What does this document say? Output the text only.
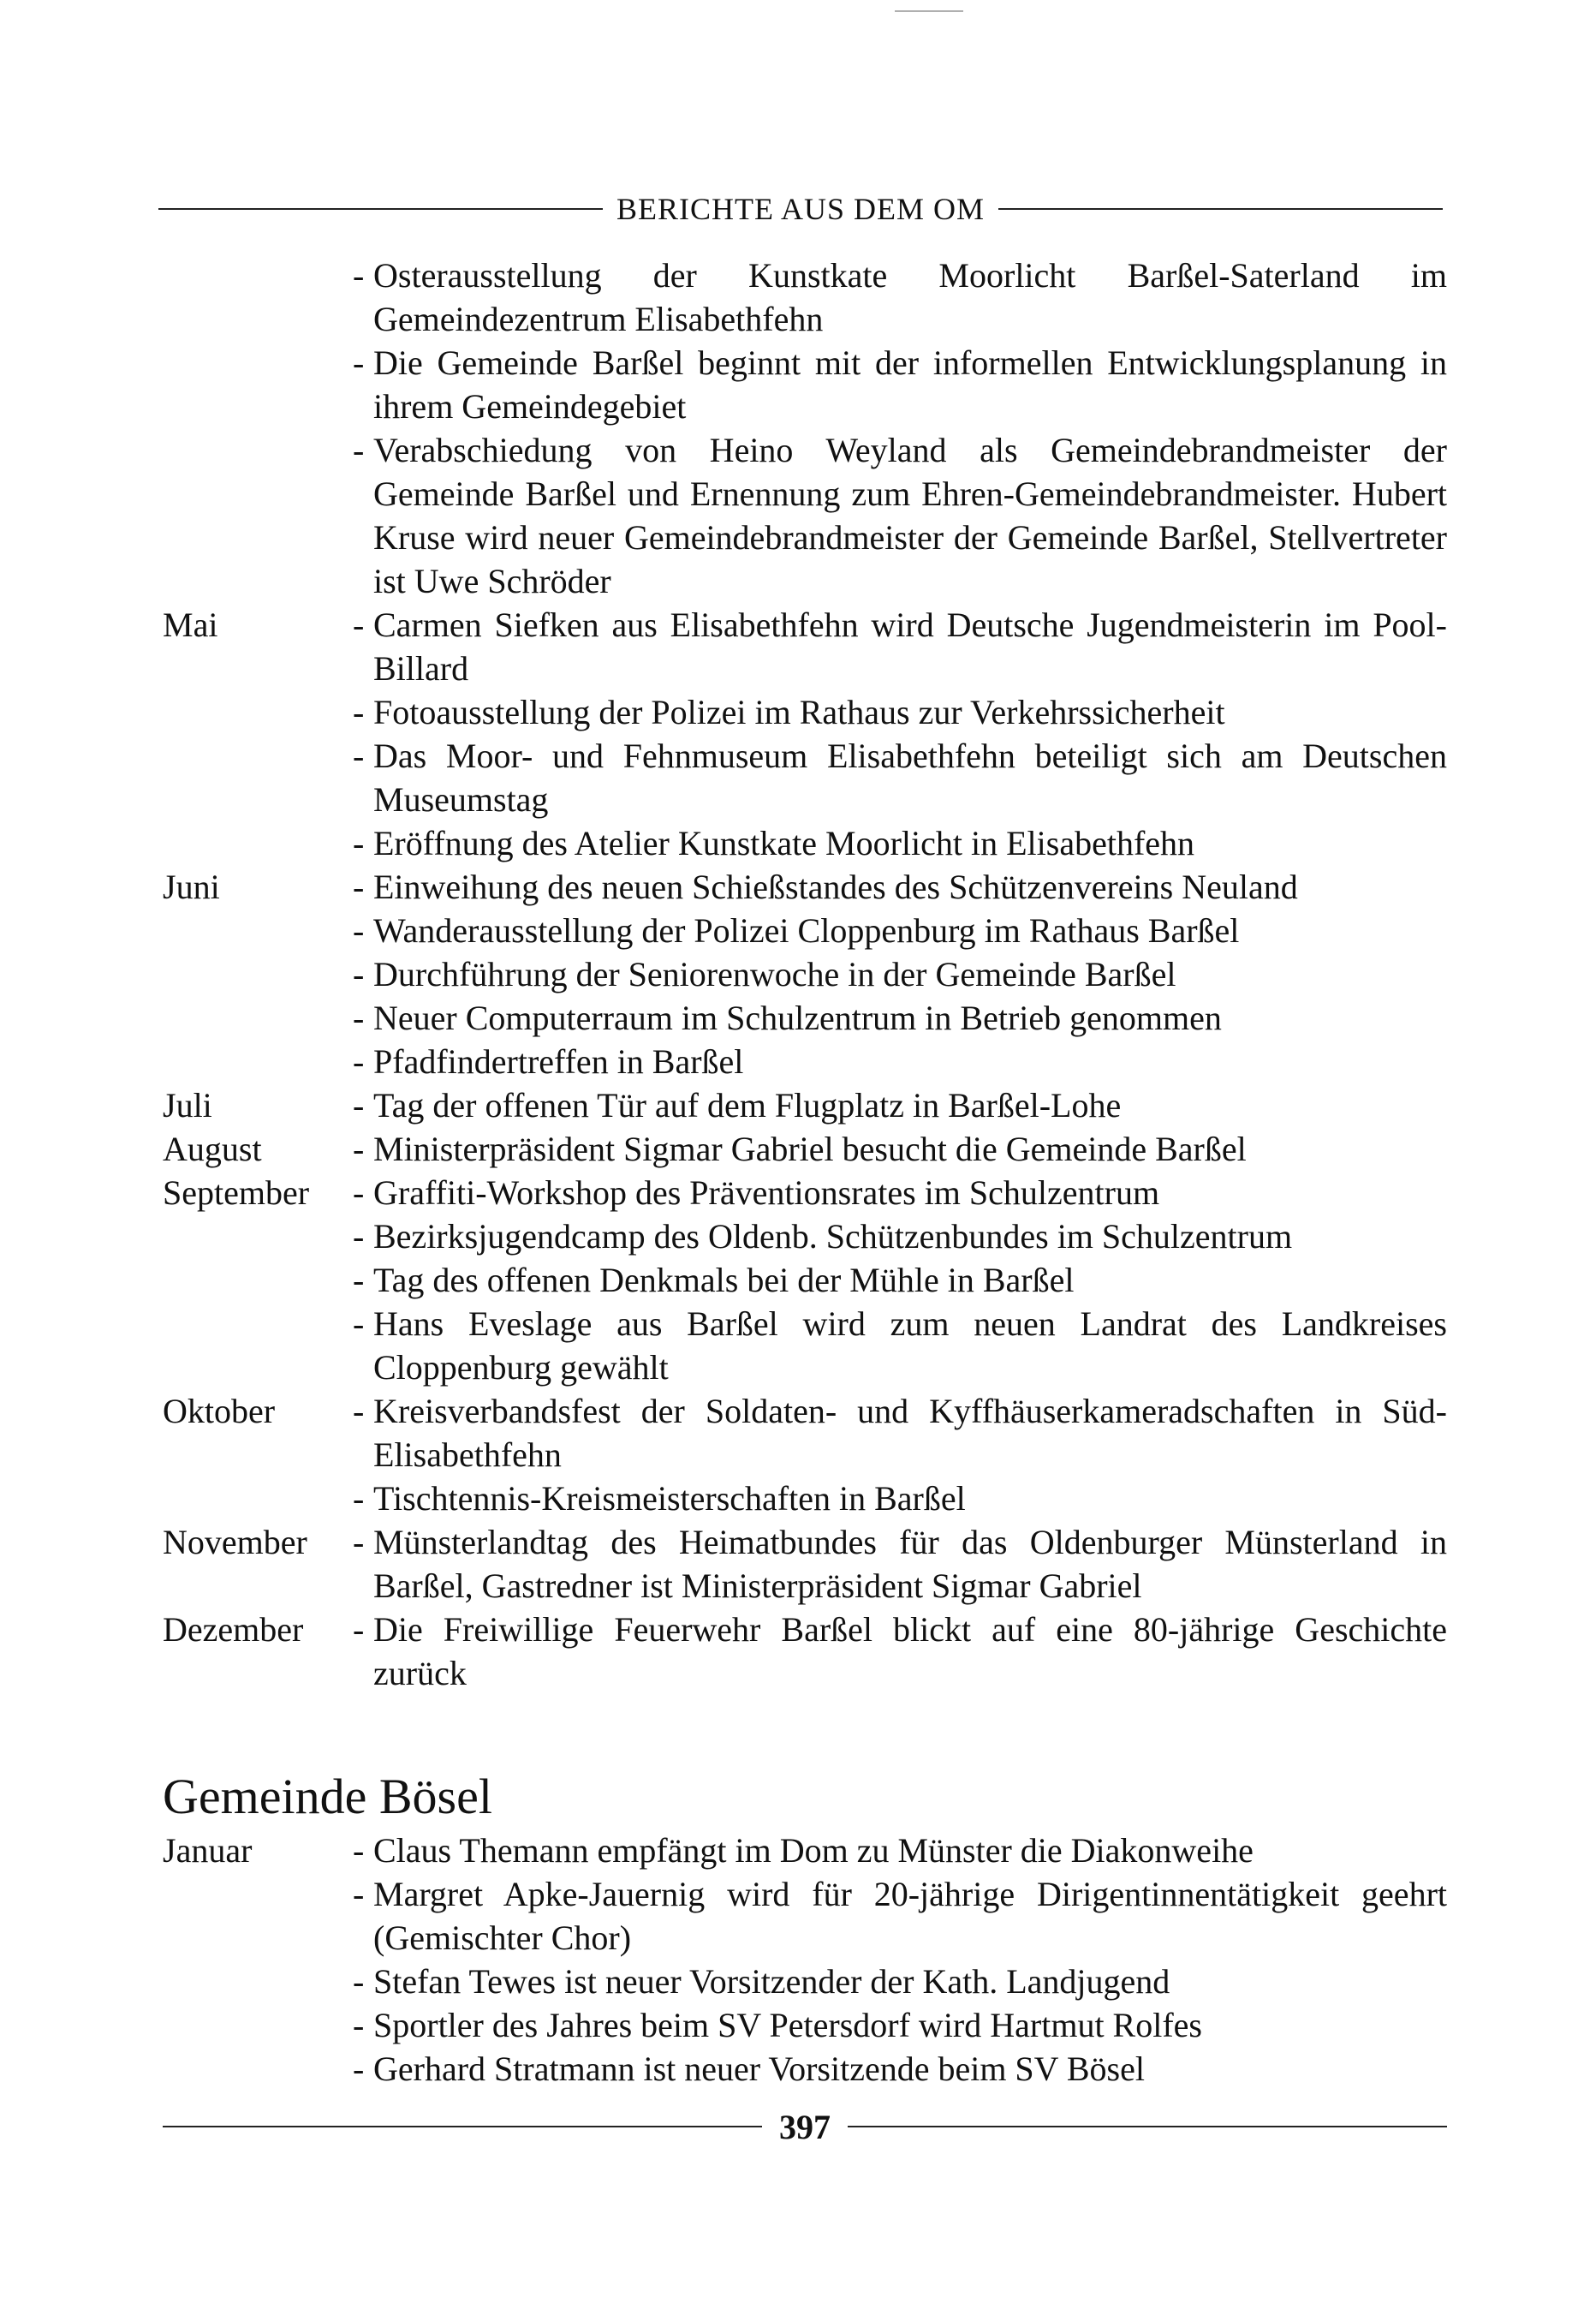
BERICHTE AUS DEM OM
- Osterausstellung der Kunstkate Moorlicht Barßel-Saterland im Gemeindezentrum Elisabethfehn
- Die Gemeinde Barßel beginnt mit der informellen Entwicklungsplanung in ihrem Gemeindegebiet
- Verabschiedung von Heino Weyland als Gemeindebrandmeister der Gemeinde Barßel und Ernennung zum Ehren-Gemeindebrandmeister. Hubert Kruse wird neuer Gemeindebrandmeister der Gemeinde Barßel, Stellvertreter ist Uwe Schröder
Mai	- Carmen Siefken aus Elisabethfehn wird Deutsche Jugendmeisterin im Pool-Billard
- Fotoausstellung der Polizei im Rathaus zur Verkehrssicherheit
- Das Moor- und Fehnmuseum Elisabethfehn beteiligt sich am Deutschen Museumstag
- Eröffnung des Atelier Kunstkate Moorlicht in Elisabethfehn
Juni	- Einweihung des neuen Schießstandes des Schützenvereins Neuland
- Wanderausstellung der Polizei Cloppenburg im Rathaus Barßel
- Durchführung der Seniorenwoche in der Gemeinde Barßel
- Neuer Computerraum im Schulzentrum in Betrieb genommen
- Pfadfindertreffen in Barßel
Juli	- Tag der offenen Tür auf dem Flugplatz in Barßel-Lohe
August	- Ministerpräsident Sigmar Gabriel besucht die Gemeinde Barßel
September	- Graffiti-Workshop des Präventionsrates im Schulzentrum
- Bezirksjugendcamp des Oldenb. Schützenbundes im Schulzentrum
- Tag des offenen Denkmals bei der Mühle in Barßel
- Hans Eveslage aus Barßel wird zum neuen Landrat des Landkreises Cloppenburg gewählt
Oktober	- Kreisverbandsfest der Soldaten- und Kyffhäuserkameradschaften in Süd-Elisabethfehn
- Tischtennis-Kreismeisterschaften in Barßel
November	- Münsterlandtag des Heimatbundes für das Oldenburger Münsterland in Barßel, Gastredner ist Ministerpräsident Sigmar Gabriel
Dezember	- Die Freiwillige Feuerwehr Barßel blickt auf eine 80-jährige Geschichte zurück
Gemeinde Bösel
Januar	- Claus Themann empfängt im Dom zu Münster die Diakonweihe
- Margret Apke-Jauernig wird für 20-jährige Dirigentinnentätigkeit geehrt (Gemischter Chor)
- Stefan Tewes ist neuer Vorsitzender der Kath. Landjugend
- Sportler des Jahres beim SV Petersdorf wird Hartmut Rolfes
- Gerhard Stratmann ist neuer Vorsitzende beim SV Bösel
397
